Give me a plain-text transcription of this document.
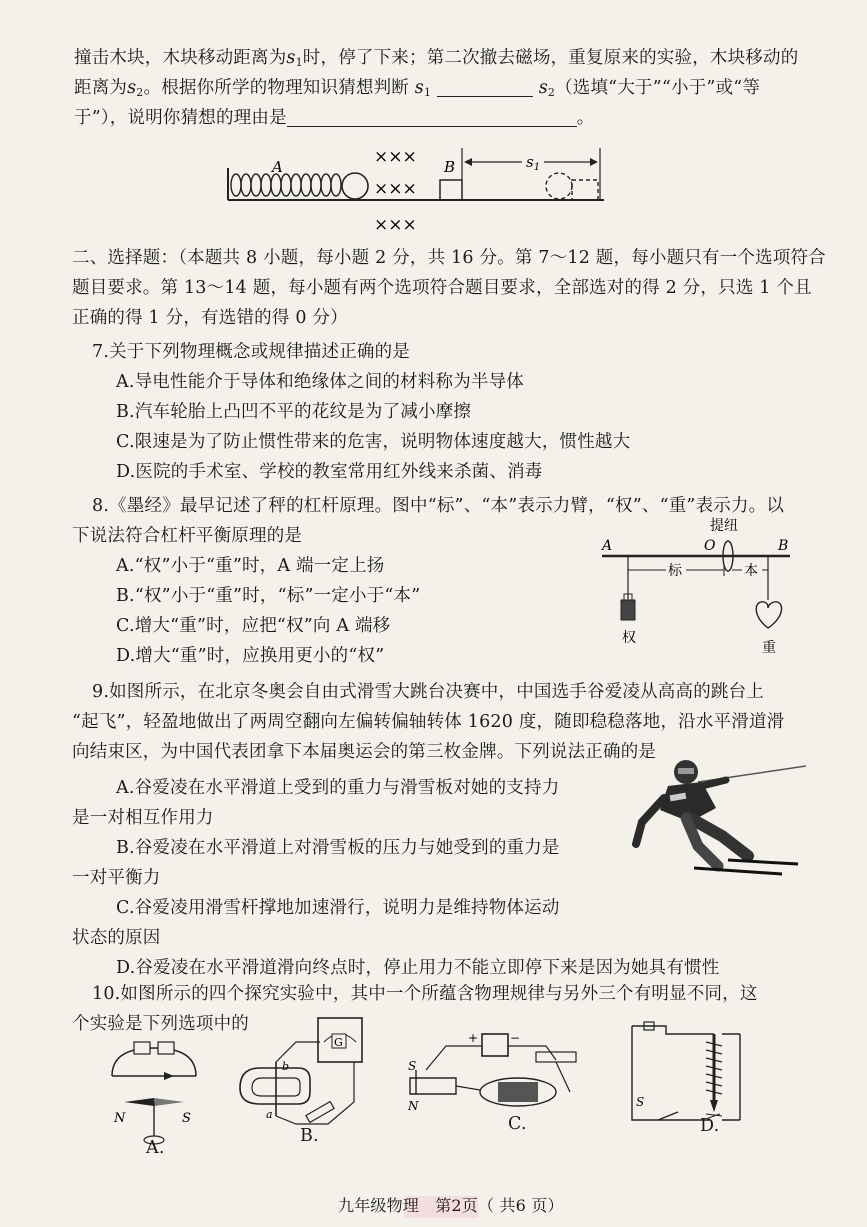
撞击木块，木块移动距离为$s_1$时，停了下来；第二次撤去磁场，重复原来的实验，木块移动的
距离为$s_2$。根据你所学的物理知识猜想判断 $s_1$	$s_2$（选填“大于”“小于”或“等
于”），说明你猜想的理由是	。
A	×××
×××
×××
B	$s_1$
二、选择题：（本题共 8 小题，每小题 2 分，共 16 分。第 7～12 题，每小题只有一个选项符合
题目要求。第 13～14 题，每小题有两个选项符合题目要求，全部选对的得 2 分，只选 1 个且
正确的得 1 分，有选错的得 0 分）
7.关于下列物理概念或规律描述正确的是
A.导电性能介于导体和绝缘体之间的材料称为半导体
B.汽车轮胎上凸凹不平的花纹是为了减小摩擦
C.限速是为了防止惯性带来的危害，说明物体速度越大，惯性越大
D.医院的手术室、学校的教室常用红外线来杀菌、消毒
8.《墨经》最早记述了秤的杠杆原理。图中“标”、“本”表示力臂，“权”、“重”表示力。以
下说法符合杠杆平衡原理的是
A.“权”小于“重”时，A 端一定上扬
B.“权”小于“重”时，“标”一定小于“本”
C.增大“重”时，应把“权”向 A 端移
D.增大“重”时，应换用更小的“权”
提纽
A	O	B
权
标	本
重
9.如图所示，在北京冬奥会自由式滑雪大跳台决赛中，中国选手谷爱凌从高高的跳台上
“起飞”，轻盈地做出了两周空翻向左偏转偏轴转体 1620 度，随即稳稳落地，沿水平滑道滑
向结束区，为中国代表团拿下本届奥运会的第三枚金牌。下列说法正确的是
A.谷爱凌在水平滑道上受到的重力与滑雪板对她的支持力
是一对相互作用力
B.谷爱凌在水平滑道上对滑雪板的压力与她受到的重力是
一对平衡力
C.谷爱凌用滑雪杆撑地加速滑行，说明力是维持物体运动
状态的原因
D.谷爱凌在水平滑道滑向终点时，停止用力不能立即停下来是因为她具有惯性
10.如图所示的四个探究实验中，其中一个所蕴含物理规律与另外三个有明显不同，这
个实验是下列选项中的
N	S
A.
G
a
b
B.
+	−
S
N
C.
S
D.
九年级物理　第2页（ 共6 页）
